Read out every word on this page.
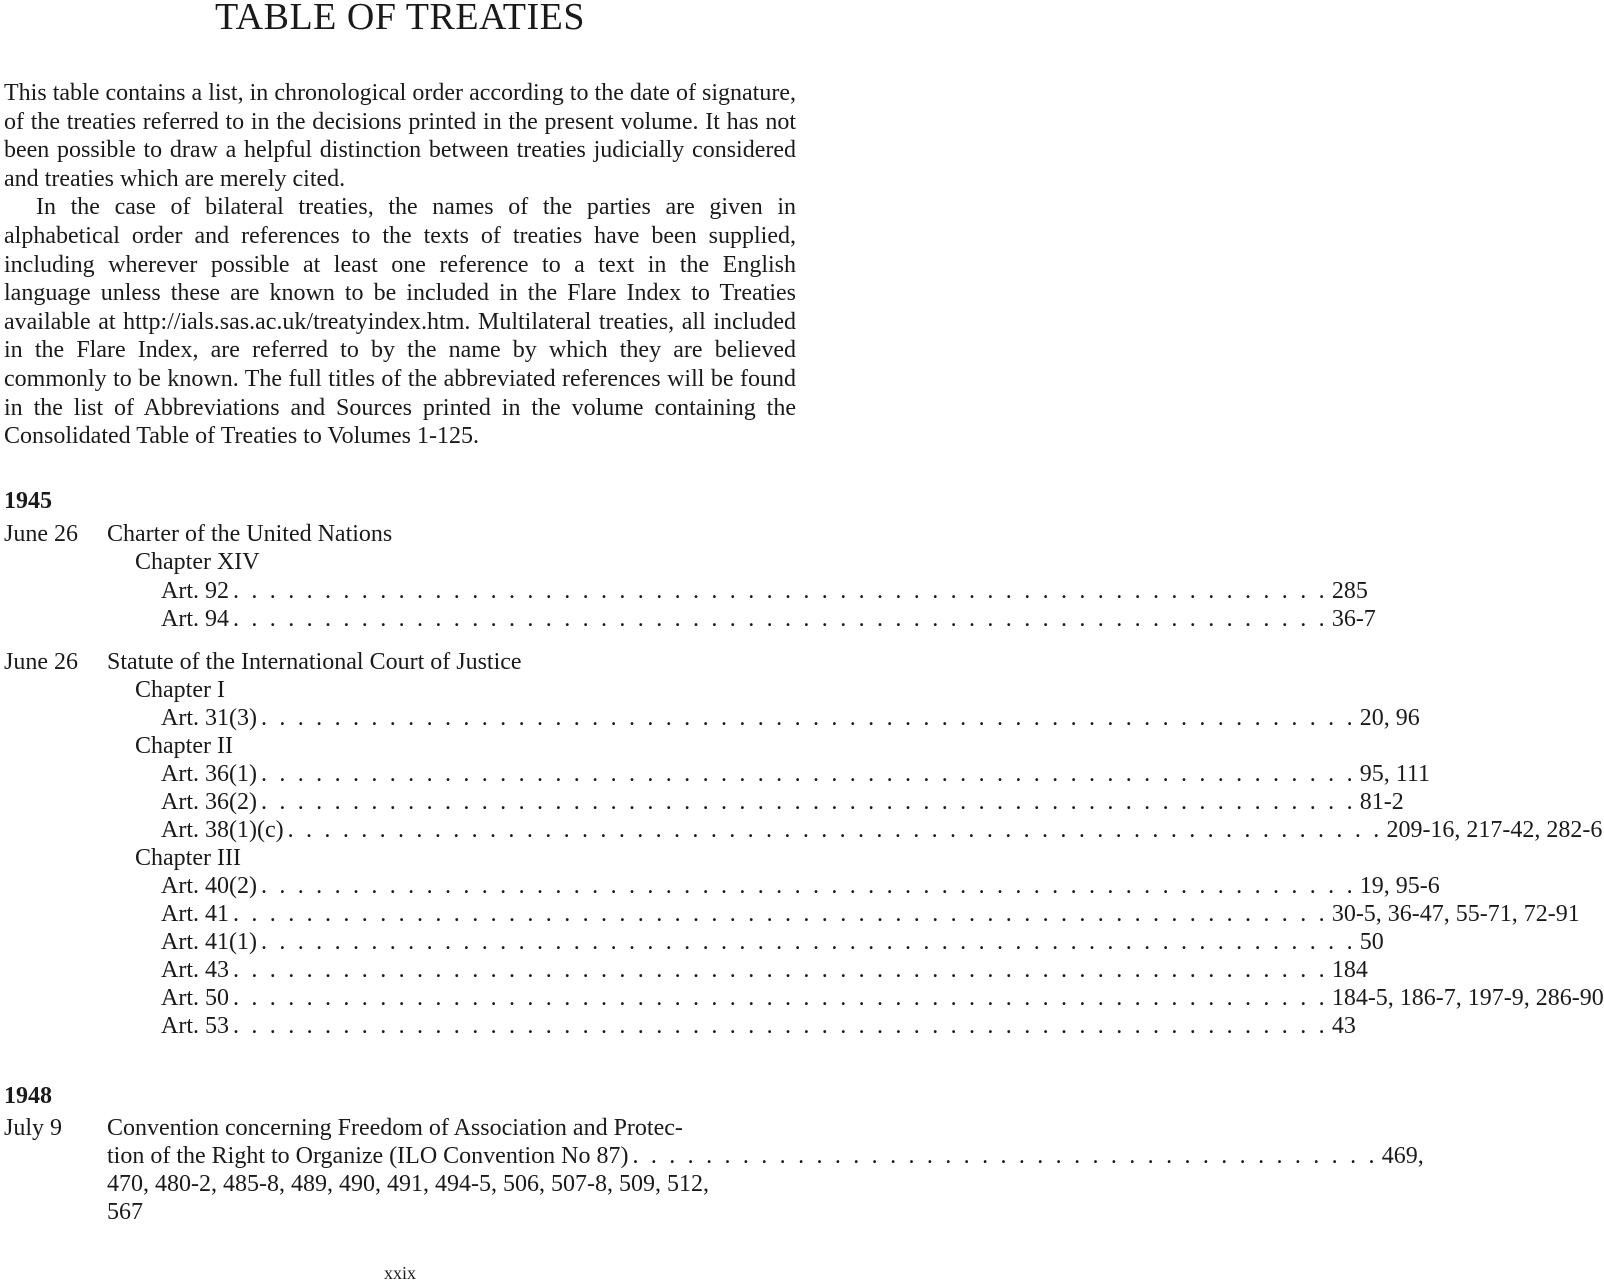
TABLE OF TREATIES

This table contains a list, in chronological order according to the date of signature, of the treaties referred to in the decisions printed in the present volume. It has not been possible to draw a helpful distinction between treaties judicially considered and treaties which are merely cited.

In the case of bilateral treaties, the names of the parties are given in alphabetical order and references to the texts of treaties have been supplied, including wherever possible at least one reference to a text in the English language unless these are known to be included in the Flare Index to Treaties available at http://ials.sas.ac.uk/treatyindex.htm. Multilateral treaties, all included in the Flare Index, are referred to by the name by which they are believed commonly to be known. The full titles of the abbreviated references will be found in the list of Abbreviations and Sources printed in the volume containing the Consolidated Table of Treaties to Volumes 1-125.

1945
June 26 Charter of the United Nations
Chapter XIV
Art. 92 . . . . . . . . . . . . . . . . . . . . . . . . . . . . . . . . . . . . . . . . . . . . . . . . . . . . . . . . . . . . 285
Art. 94 . . . . . . . . . . . . . . . . . . . . . . . . . . . . . . . . . . . . . . . . . . . . . . . . . . . . . . . . . . . . 36-7
June 26 Statute of the International Court of Justice
Chapter I
Art. 31(3) . . . . . . . . . . . . . . . . . . . . . . . . . . . . . . . . . . . . . . . . . . . . . . . . . . . . . . . . . . . . 20, 96
Chapter II
Art. 36(1) . . . . . . . . . . . . . . . . . . . . . . . . . . . . . . . . . . . . . . . . . . . . . . . . . . . . . . . . . . . . 95, 111
Art. 36(2) . . . . . . . . . . . . . . . . . . . . . . . . . . . . . . . . . . . . . . . . . . . . . . . . . . . . . . . . . . . . 81-2
Art. 38(1)(c) . . . . . . . . . . . . . . . . . . . . . . . . . . . . . . . . . . . . . . . . . . . . . . . . . . . . . . . . . . . . 209-16, 217-42, 282-6
Chapter III
Art. 40(2) . . . . . . . . . . . . . . . . . . . . . . . . . . . . . . . . . . . . . . . . . . . . . . . . . . . . . . . . . . . . 19, 95-6
Art. 41 . . . . . . . . . . . . . . . . . . . . . . . . . . . . . . . . . . . . . . . . . . . . . . . . . . . . . . . . . . . . 30-5, 36-47, 55-71, 72-91
Art. 41(1) . . . . . . . . . . . . . . . . . . . . . . . . . . . . . . . . . . . . . . . . . . . . . . . . . . . . . . . . . . . . 50
Art. 43 . . . . . . . . . . . . . . . . . . . . . . . . . . . . . . . . . . . . . . . . . . . . . . . . . . . . . . . . . . . . 184
Art. 50 . . . . . . . . . . . . . . . . . . . . . . . . . . . . . . . . . . . . . . . . . . . . . . . . . . . . . . . . . . . . 184-5, 186-7, 197-9, 286-90
Art. 53 . . . . . . . . . . . . . . . . . . . . . . . . . . . . . . . . . . . . . . . . . . . . . . . . . . . . . . . . . . . . 43
1948
July 9 Convention concerning Freedom of Association and Protec-
tion of the Right to Organize (ILO Convention No 87) . . . . . . . . . . . . . . . . . . . . . . . . . . . . . . . . . . . . . . . . . 469,
470, 480-2, 485-8, 489, 490, 491, 494-5, 506, 507-8, 509, 512,
567
xxix
